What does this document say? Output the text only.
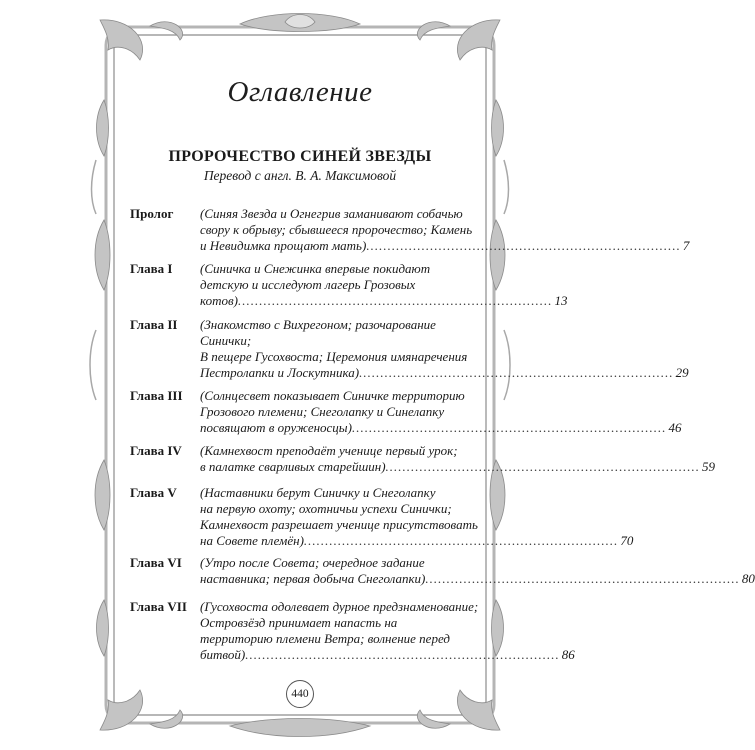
Оглавление
ПРОРОЧЕСТВО СИНЕЙ ЗВЕЗДЫ
Перевод с англ. В. А. Максимовой
Пролог	(Синяя Звезда и Огнегрив заманивают собачью
свору к обрыву; сбывшееся пророчество; Камень
и Невидимка прощают мать) .......................................................................... 7
Глава I	(Синичка и Снежинка впервые покидают
детскую и исследуют лагерь Грозовых
котов) .......................................................................... 13
Глава II	(Знакомство с Вихрегоном; разочарование
Синички;
В пещере Гусохвоста; Церемония имянаречения
Пестролапки и Лоскутника) .......................................................................... 29
Глава III	(Солнцесвет показывает Синичке территорию
Грозового племени; Снеголапку и Синелапку
посвящают в оруженосцы) .......................................................................... 46
Глава IV	(Камнехвост преподаёт ученице первый урок;
в палатке сварливых старейшин) .......................................................................... 59
Глава V	(Наставники берут Синичку и Снеголапку
на первую охоту; охотничьи успехи Синички;
Камнехвост разрешает ученице присутствовать
на Совете племён) .......................................................................... 70
Глава VI	(Утро после Совета; очередное задание
наставника; первая добыча Снеголапки) .......................................................................... 80
Глава VII	(Гусохвоста одолевает дурное предзнаменование;
Островзёзд принимает напасть на
территорию племени Ветра; волнение перед
битвой) .......................................................................... 86
440
